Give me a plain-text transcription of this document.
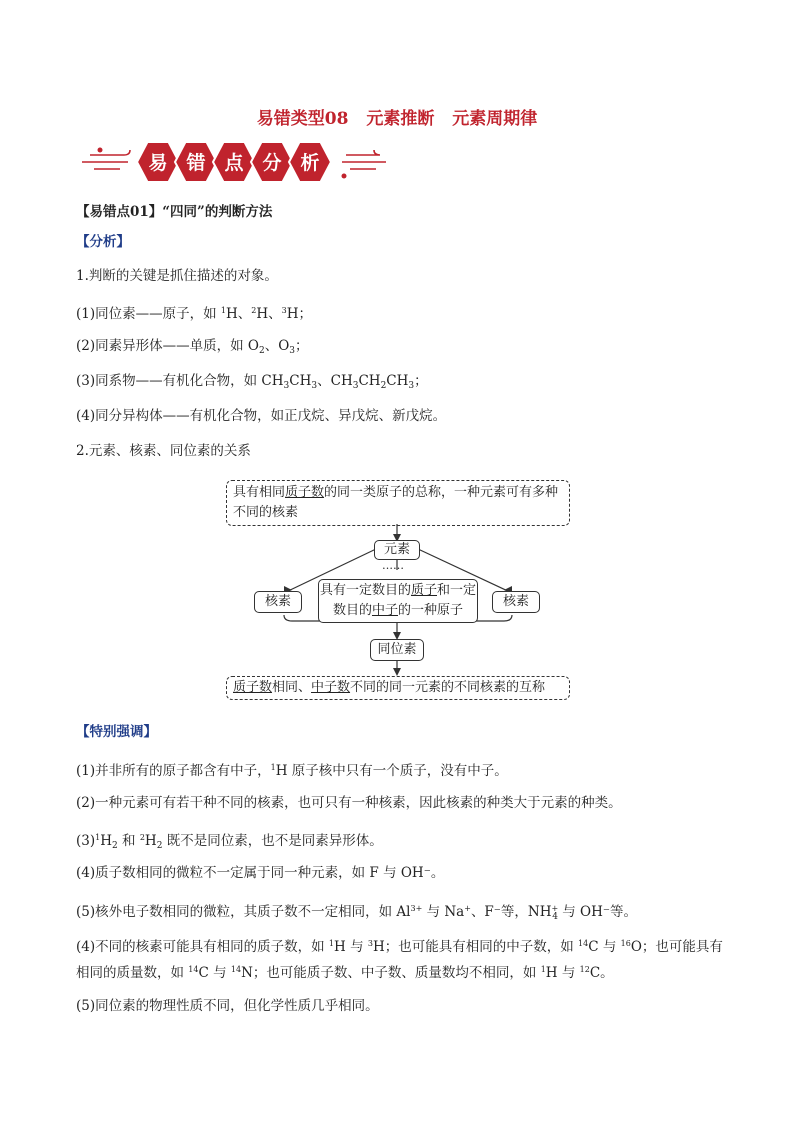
易错类型08 元素推断 元素周期律
易 错 点 分 析
【易错点01】“四同”的判断方法
【分析】
1.判断的关键是抓住描述的对象。
(1)同位素——原子，如 $^1$H、$^2$H、$^3$H；
(2)同素异形体——单质，如 $O_2$、$O_3$；
(3)同系物——有机化合物，如 $CH_3CH_3$、$CH_3CH_2CH_3$；
(4)同分异构体——有机化合物，如正戊烷、异戊烷、新戊烷。
2.元素、核素、同位素的关系
具有相同质子数的同一类原子的总称，一种元素可有多种不同的核素
元素
……
核素
具有一定数目的质子和一定数目的中子的一种原子
核素
同位素
质子数相同、中子数不同的同一元素的不同核素的互称
【特别强调】
(1)并非所有的原子都含有中子，$^1$H 原子核中只有一个质子，没有中子。
(2)一种元素可有若干种不同的核素，也可只有一种核素，因此核素的种类大于元素的种类。
$(3)^1H_2$ 和 $^2H_2$ 既不是同位素，也不是同素异形体。
(4)质子数相同的微粒不一定属于同一种元素，如 F 与 OH⁻。
(5)核外电子数相同的微粒，其质子数不一定相同，如 $Al^{3+}$ 与 Na+、F⁻等，$NH^+_4$ 与 OH⁻等。
(4)不同的核素可能具有相同的质子数，如 $^1$H 与 $^3$H；也可能具有相同的中子数，如 $^{14}$C 与 $^{16}$O；也可能具有
相同的质量数，如 $^{14}$C 与 $^{14}$N；也可能质子数、中子数、质量数均不相同，如 $^1$H 与 $^{12}$C。
(5)同位素的物理性质不同，但化学性质几乎相同。
